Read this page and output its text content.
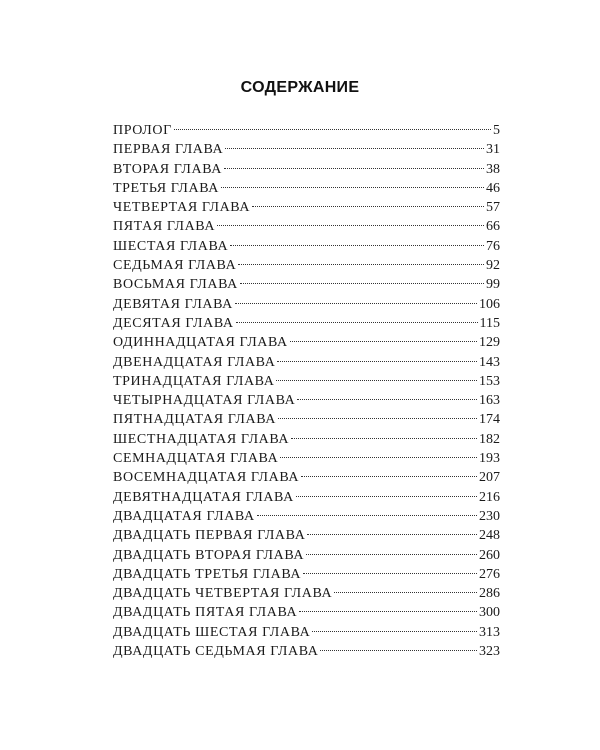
СОДЕРЖАНИЕ
ПРОЛОГ	5
ПЕРВАЯ ГЛАВА	31
ВТОРАЯ ГЛАВА	38
ТРЕТЬЯ ГЛАВА	46
ЧЕТВЕРТАЯ ГЛАВА	57
ПЯТАЯ ГЛАВА	66
ШЕСТАЯ ГЛАВА	76
СЕДЬМАЯ ГЛАВА	92
ВОСЬМАЯ ГЛАВА	99
ДЕВЯТАЯ ГЛАВА	106
ДЕСЯТАЯ ГЛАВА	115
ОДИННАДЦАТАЯ ГЛАВА	129
ДВЕНАДЦАТАЯ ГЛАВА	143
ТРИНАДЦАТАЯ ГЛАВА	153
ЧЕТЫРНАДЦАТАЯ ГЛАВА	163
ПЯТНАДЦАТАЯ ГЛАВА	174
ШЕСТНАДЦАТАЯ ГЛАВА	182
СЕМНАДЦАТАЯ ГЛАВА	193
ВОСЕМНАДЦАТАЯ ГЛАВА	207
ДЕВЯТНАДЦАТАЯ ГЛАВА	216
ДВАДЦАТАЯ ГЛАВА	230
ДВАДЦАТЬ ПЕРВАЯ ГЛАВА	248
ДВАДЦАТЬ ВТОРАЯ ГЛАВА	260
ДВАДЦАТЬ ТРЕТЬЯ ГЛАВА	276
ДВАДЦАТЬ ЧЕТВЕРТАЯ ГЛАВА	286
ДВАДЦАТЬ ПЯТАЯ ГЛАВА	300
ДВАДЦАТЬ ШЕСТАЯ ГЛАВА	313
ДВАДЦАТЬ СЕДЬМАЯ ГЛАВА	323
